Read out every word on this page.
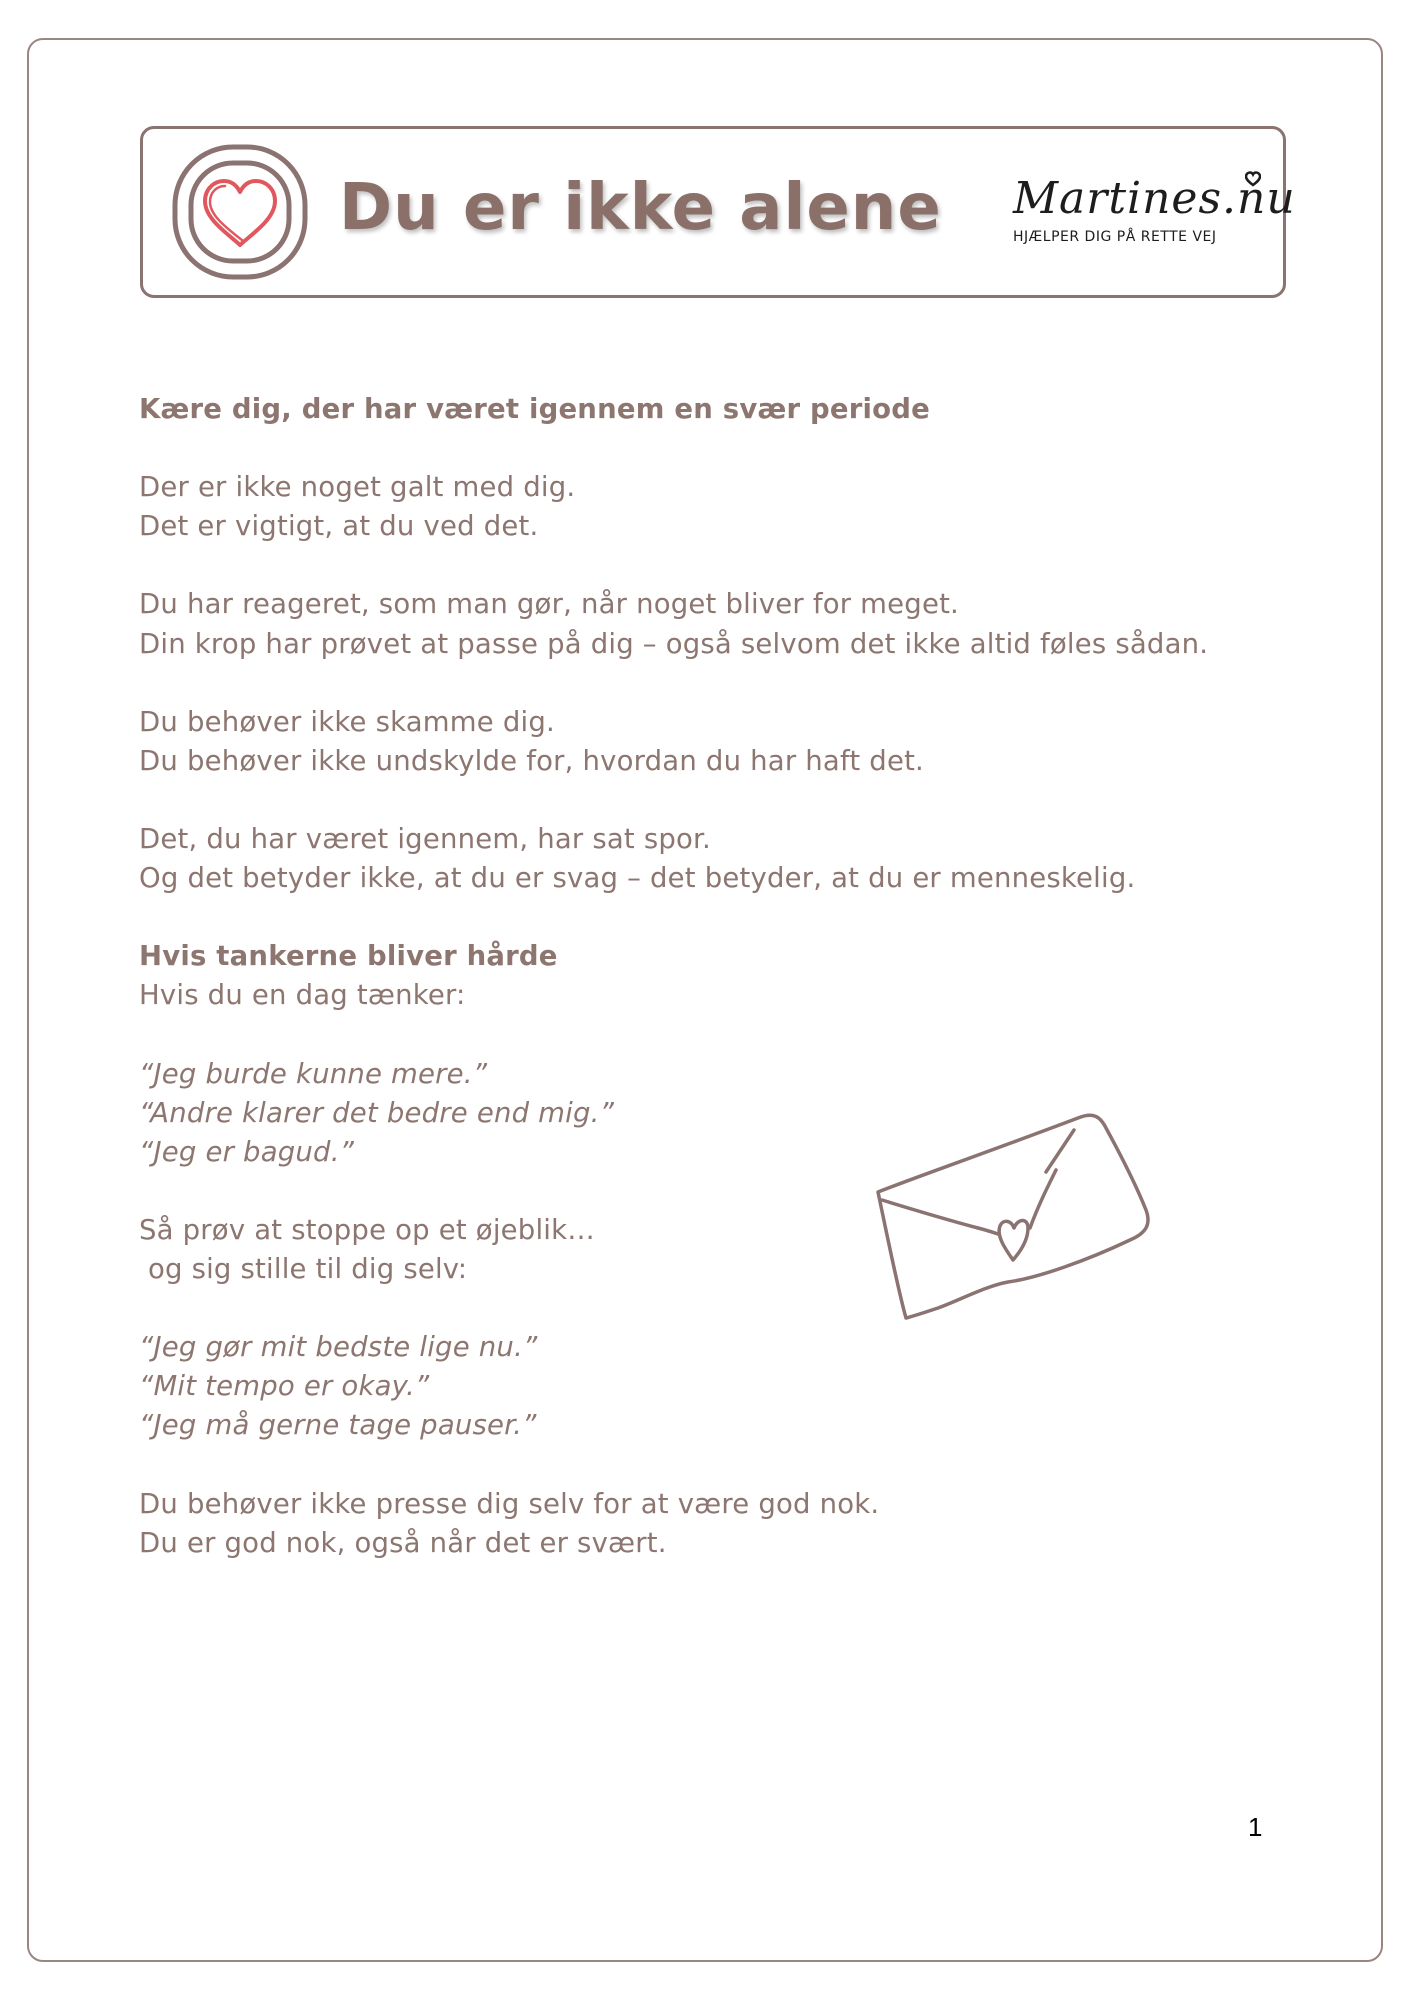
Du er ikke alene Martines.nu
HJÆLPER DIG PÅ RETTE VEJ

Kære dig, der har været igennem en svær periode

Der er ikke noget galt med dig.

Det er vigtigt, at du ved det.

Du har reageret, som man gør, når noget bliver for meget.

Din krop har prøvet at passe på dig – også selvom det ikke altid føles sådan.

Du behøver ikke skamme dig.

Du behøver ikke undskylde for, hvordan du har haft det.

Det, du har været igennem, har sat spor.

Og det betyder ikke, at du er svag – det betyder, at du er menneskelig.

Hvis tankerne bliver hårde

Hvis du en dag tænker:

“Jeg burde kunne mere.”

“Andre klarer det bedre end mig.”

“Jeg er bagud.”

Så prøv at stoppe op et øjeblik…

og sig stille til dig selv:

“Jeg gør mit bedste lige nu.”

“Mit tempo er okay.”

“Jeg må gerne tage pauser.”

Du behøver ikke presse dig selv for at være god nok.

Du er god nok, også når det er svært.

1
